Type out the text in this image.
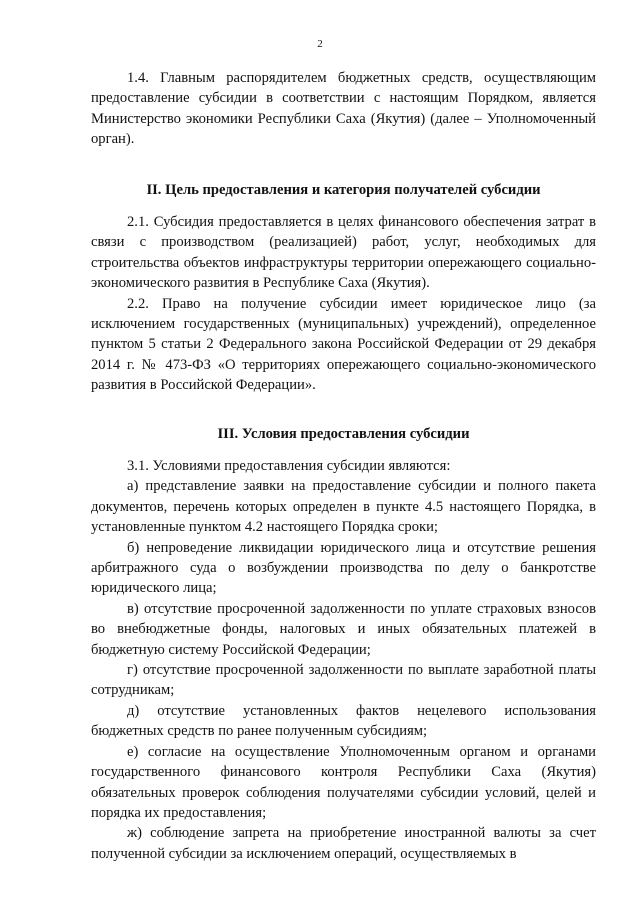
2

1.4. Главным распорядителем бюджетных средств, осуществляющим предоставление субсидии в соответствии с настоящим Порядком, является Министерство экономики Республики Саха (Якутия) (далее – Уполномоченный орган).

II. Цель предоставления и категория получателей субсидии

2.1. Субсидия предоставляется в целях финансового обеспечения затрат в связи с производством (реализацией) работ, услуг, необходимых для строительства объектов инфраструктуры территории опережающего социально-экономического развития в Республике Саха (Якутия).

2.2. Право на получение субсидии имеет юридическое лицо (за исключением государственных (муниципальных) учреждений), определенное пунктом 5 статьи 2 Федерального закона Российской Федерации от 29 декабря 2014 г. № 473-ФЗ «О территориях опережающего социально-экономического развития в Российской Федерации».

III. Условия предоставления субсидии

3.1. Условиями предоставления субсидии являются:

а) представление заявки на предоставление субсидии и полного пакета документов, перечень которых определен в пункте 4.5 настоящего Порядка, в установленные пунктом 4.2 настоящего Порядка сроки;

б) непроведение ликвидации юридического лица и отсутствие решения арбитражного суда о возбуждении производства по делу о банкротстве юридического лица;

в) отсутствие просроченной задолженности по уплате страховых взносов во внебюджетные фонды, налоговых и иных обязательных платежей в бюджетную систему Российской Федерации;

г) отсутствие просроченной задолженности по выплате заработной платы сотрудникам;

д) отсутствие установленных фактов нецелевого использования бюджетных средств по ранее полученным субсидиям;

е) согласие на осуществление Уполномоченным органом и органами государственного финансового контроля Республики Саха (Якутия) обязательных проверок соблюдения получателями субсидии условий, целей и порядка их предоставления;

ж) соблюдение запрета на приобретение иностранной валюты за счет полученной субсидии за исключением операций, осуществляемых в
